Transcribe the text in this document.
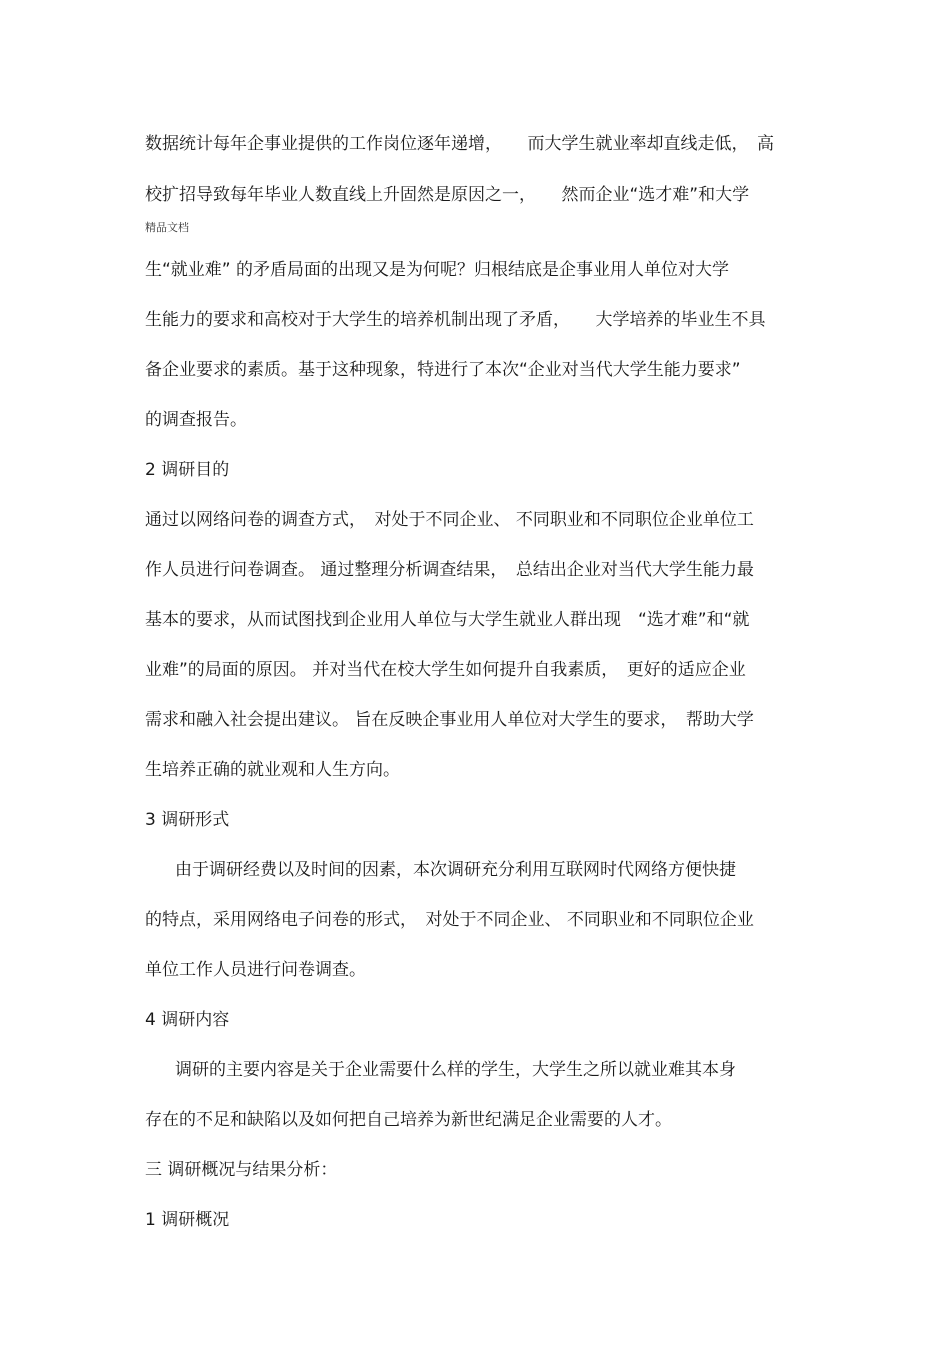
数据统计每年企事业提供的工作岗位逐年递增，　　而大学生就业率却直线走低，　高

校扩招导致每年毕业人数直线上升固然是原因之一，　　然而企业“选才难”和大学

精品文档

生“就业难” 的矛盾局面的出现又是为何呢？归根结底是企事业用人单位对大学

生能力的要求和高校对于大学生的培养机制出现了矛盾，　　大学培养的毕业生不具

备企业要求的素质。基于这种现象，特进行了本次“企业对当代大学生能力要求”

的调查报告。

2 调研目的

通过以网络问卷的调查方式，　对处于不同企业、 不同职业和不同职位企业单位工

作人员进行问卷调查。 通过整理分析调查结果，　总结出企业对当代大学生能力最

基本的要求，从而试图找到企业用人单位与大学生就业人群出现　“选才难”和“就

业难”的局面的原因。 并对当代在校大学生如何提升自我素质，　更好的适应企业

需求和融入社会提出建议。 旨在反映企事业用人单位对大学生的要求，　帮助大学

生培养正确的就业观和人生方向。

3 调研形式

由于调研经费以及时间的因素，本次调研充分利用互联网时代网络方便快捷

的特点，采用网络电子问卷的形式，　对处于不同企业、 不同职业和不同职位企业

单位工作人员进行问卷调查。

4 调研内容

调研的主要内容是关于企业需要什么样的学生，大学生之所以就业难其本身

存在的不足和缺陷以及如何把自己培养为新世纪满足企业需要的人才。

三 调研概况与结果分析：

1 调研概况
